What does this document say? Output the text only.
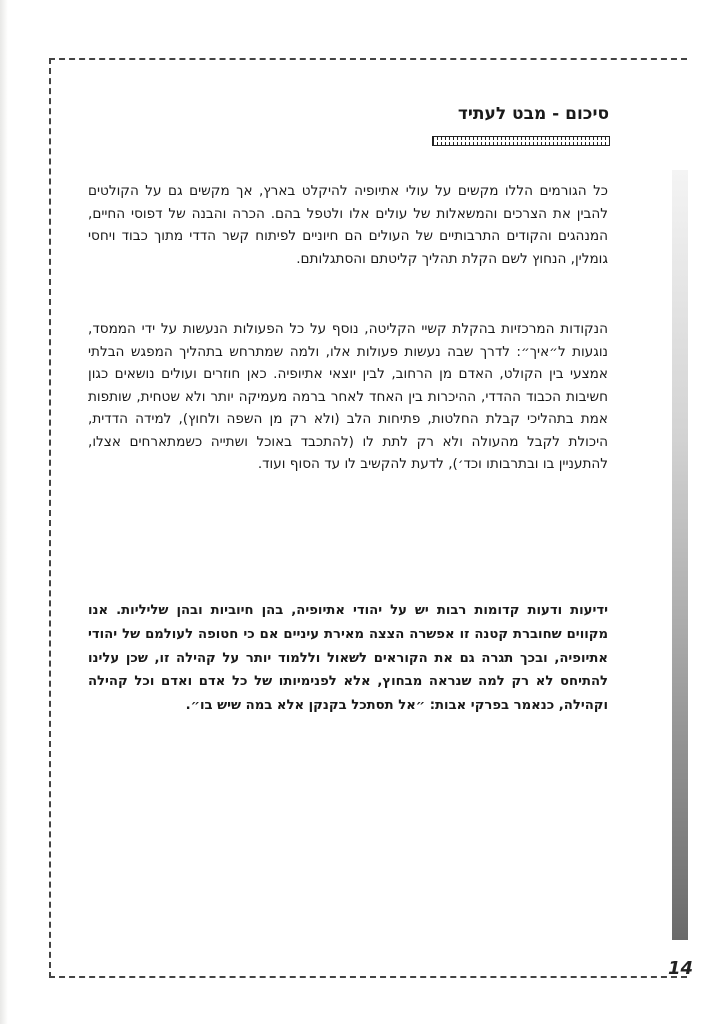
סיכום - מבט לעתיד

כל הגורמים הללו מקשים על עולי אתיופיה להיקלט בארץ, אך מקשים גם על הקולטים להבין את הצרכים והמשאלות של עולים אלו ולטפל בהם. הכרה והבנה של דפוסי החיים, המנהגים והקודים התרבותיים של העולים הם חיוניים לפיתוח קשר הדדי מתוך כבוד ויחסי גומלין, הנחוץ לשם הקלת תהליך קליטתם והסתגלותם.

הנקודות המרכזיות בהקלת קשיי הקליטה, נוסף על כל הפעולות הנעשות על ידי הממסד, נוגעות ל״איך״: לדרך שבה נעשות פעולות אלו, ולמה שמתרחש בתהליך המפגש הבלתי אמצעי בין הקולט, האדם מן הרחוב, לבין יוצאי אתיופיה. כאן חוזרים ועולים נושאים כגון חשיבות הכבוד ההדדי, ההיכרות בין האחד לאחר ברמה מעמיקה יותר ולא שטחית, שותפות אמת בתהליכי קבלת החלטות, פתיחות הלב (ולא רק מן השפה ולחוץ), למידה הדדית, היכולת לקבל מהעולה ולא רק לתת לו (להתכבד באוכל ושתייה כשמתארחים אצלו, להתעניין בו ובתרבותו וכד׳), לדעת להקשיב לו עד הסוף ועוד.

ידיעות ודעות קדומות רבות יש על יהודי אתיופיה, בהן חיוביות ובהן שליליות. אנו מקווים שחוברת קטנה זו אפשרה הצצה מאירת עיניים אם כי חטופה לעולמם של יהודי אתיופיה, ובכך תגרה גם את הקוראים לשאול וללמוד יותר על קהילה זו, שכן עלינו להתיחס לא רק למה שנראה מבחוץ, אלא לפנימיותו של כל אדם ואדם וכל קהילה וקהילה, כנאמר בפרקי אבות: ״אל תסתכל בקנקן אלא במה שיש בו״.

14
